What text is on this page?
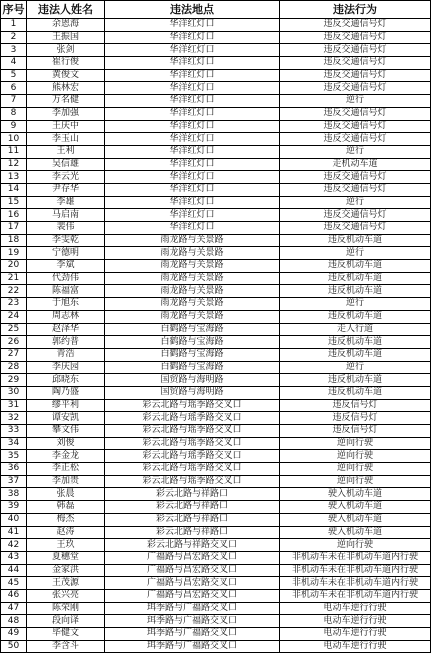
序号	违法人姓名	违法地点	违法行为
1	余恩海	华洋红灯口	违反交通信号灯
2	王振国	华洋红灯口	违反交通信号灯
3	张剑	华洋红灯口	违反交通信号灯
4	崔行俊	华洋红灯口	违反交通信号灯
5	黄俊文	华洋红灯口	违反交通信号灯
6	熊林宏	华洋红灯口	违反交通信号灯
7	万名健	华洋红灯口	逆行
8	李加强	华洋红灯口	违反交通信号灯
9	王庆中	华洋红灯口	违反交通信号灯
10	李玉山	华洋红灯口	违反交通信号灯
11	王利	华洋红灯口	逆行
12	吴信雄	华洋红灯口	走机动车道
13	李云光	华洋红灯口	违反交通信号灯
14	尹存华	华洋红灯口	违反交通信号灯
15	李雄	华洋红灯口	逆行
16	马启南	华洋红灯口	违反交通信号灯
17	裴伟	华洋红灯口	违反交通信号灯
18	李雯乾	雨龙路与关景路	违反机动车道
19	宁德明	雨龙路与关景路	逆行
20	李斌	雨龙路与关景路	违反机动车道
21	代劲伟	雨龙路与关景路	违反机动车道
22	陈福富	雨龙路与关景路	违反机动车道
23	于旭东	雨龙路与关景路	逆行
24	周志林	雨龙路与关景路	违反机动车道
25	赵泽华	白鹤路与宝海路	走人行道
26	郭约普	白鹤路与宝海路	违反机动车道
27	青浩	白鹤路与宝海路	违反机动车道
28	李庆园	白鹤路与宝海路	逆行
29	邱晓东	国贸路与海明路	违反机动车道
30	陶乃盛	国贸路与海明路	违反机动车道
31	缪平利	彩云北路与瑶季路交叉口	违反信号灯
32	谭安凯	彩云北路与瑶季路交叉口	违反信号灯
33	攀文伟	彩云北路与瑶季路交叉口	违反信号灯
34	刘俊	彩云北路与瑶季路交叉口	逆向行驶
35	李金龙	彩云北路与瑶季路交叉口	逆向行驶
36	李正松	彩云北路与瑶季路交叉口	逆向行驶
37	李加贵	彩云北路与瑶季路交叉口	逆向行驶
38	张晨	彩云北路与祥路口	驶入机动车道
39	韩磊	彩云北路与祥路口	驶入机动车道
40	梅杰	彩云北路与祥路口	驶入机动车道
41	赵涛	彩云北路与祥路口	驶入机动车道
42	王玖	彩云北路与祥路交叉口	逆向行驶
43	夏穗堂	广福路与昌宏路交叉口	非机动车未在非机动车道内行驶
44	金家洪	广福路与昌宏路交叉口	非机动车未在非机动车道内行驶
45	王茂源	广福路与昌宏路交叉口	非机动车未在非机动车道内行驶
46	张兴亮	广福路与昌宏路交叉口	非机动车未在非机动车道内行驶
47	陈荣刚	珥季路与广福路交叉口	电动车逆行行驶
48	段向译	珥季路与广福路交叉口	电动车逆行行驶
49	毕健文	珥季路与广福路交叉口	电动车逆行行驶
50	李含斗	珥季路与广福路交叉口	电动车逆行行驶
